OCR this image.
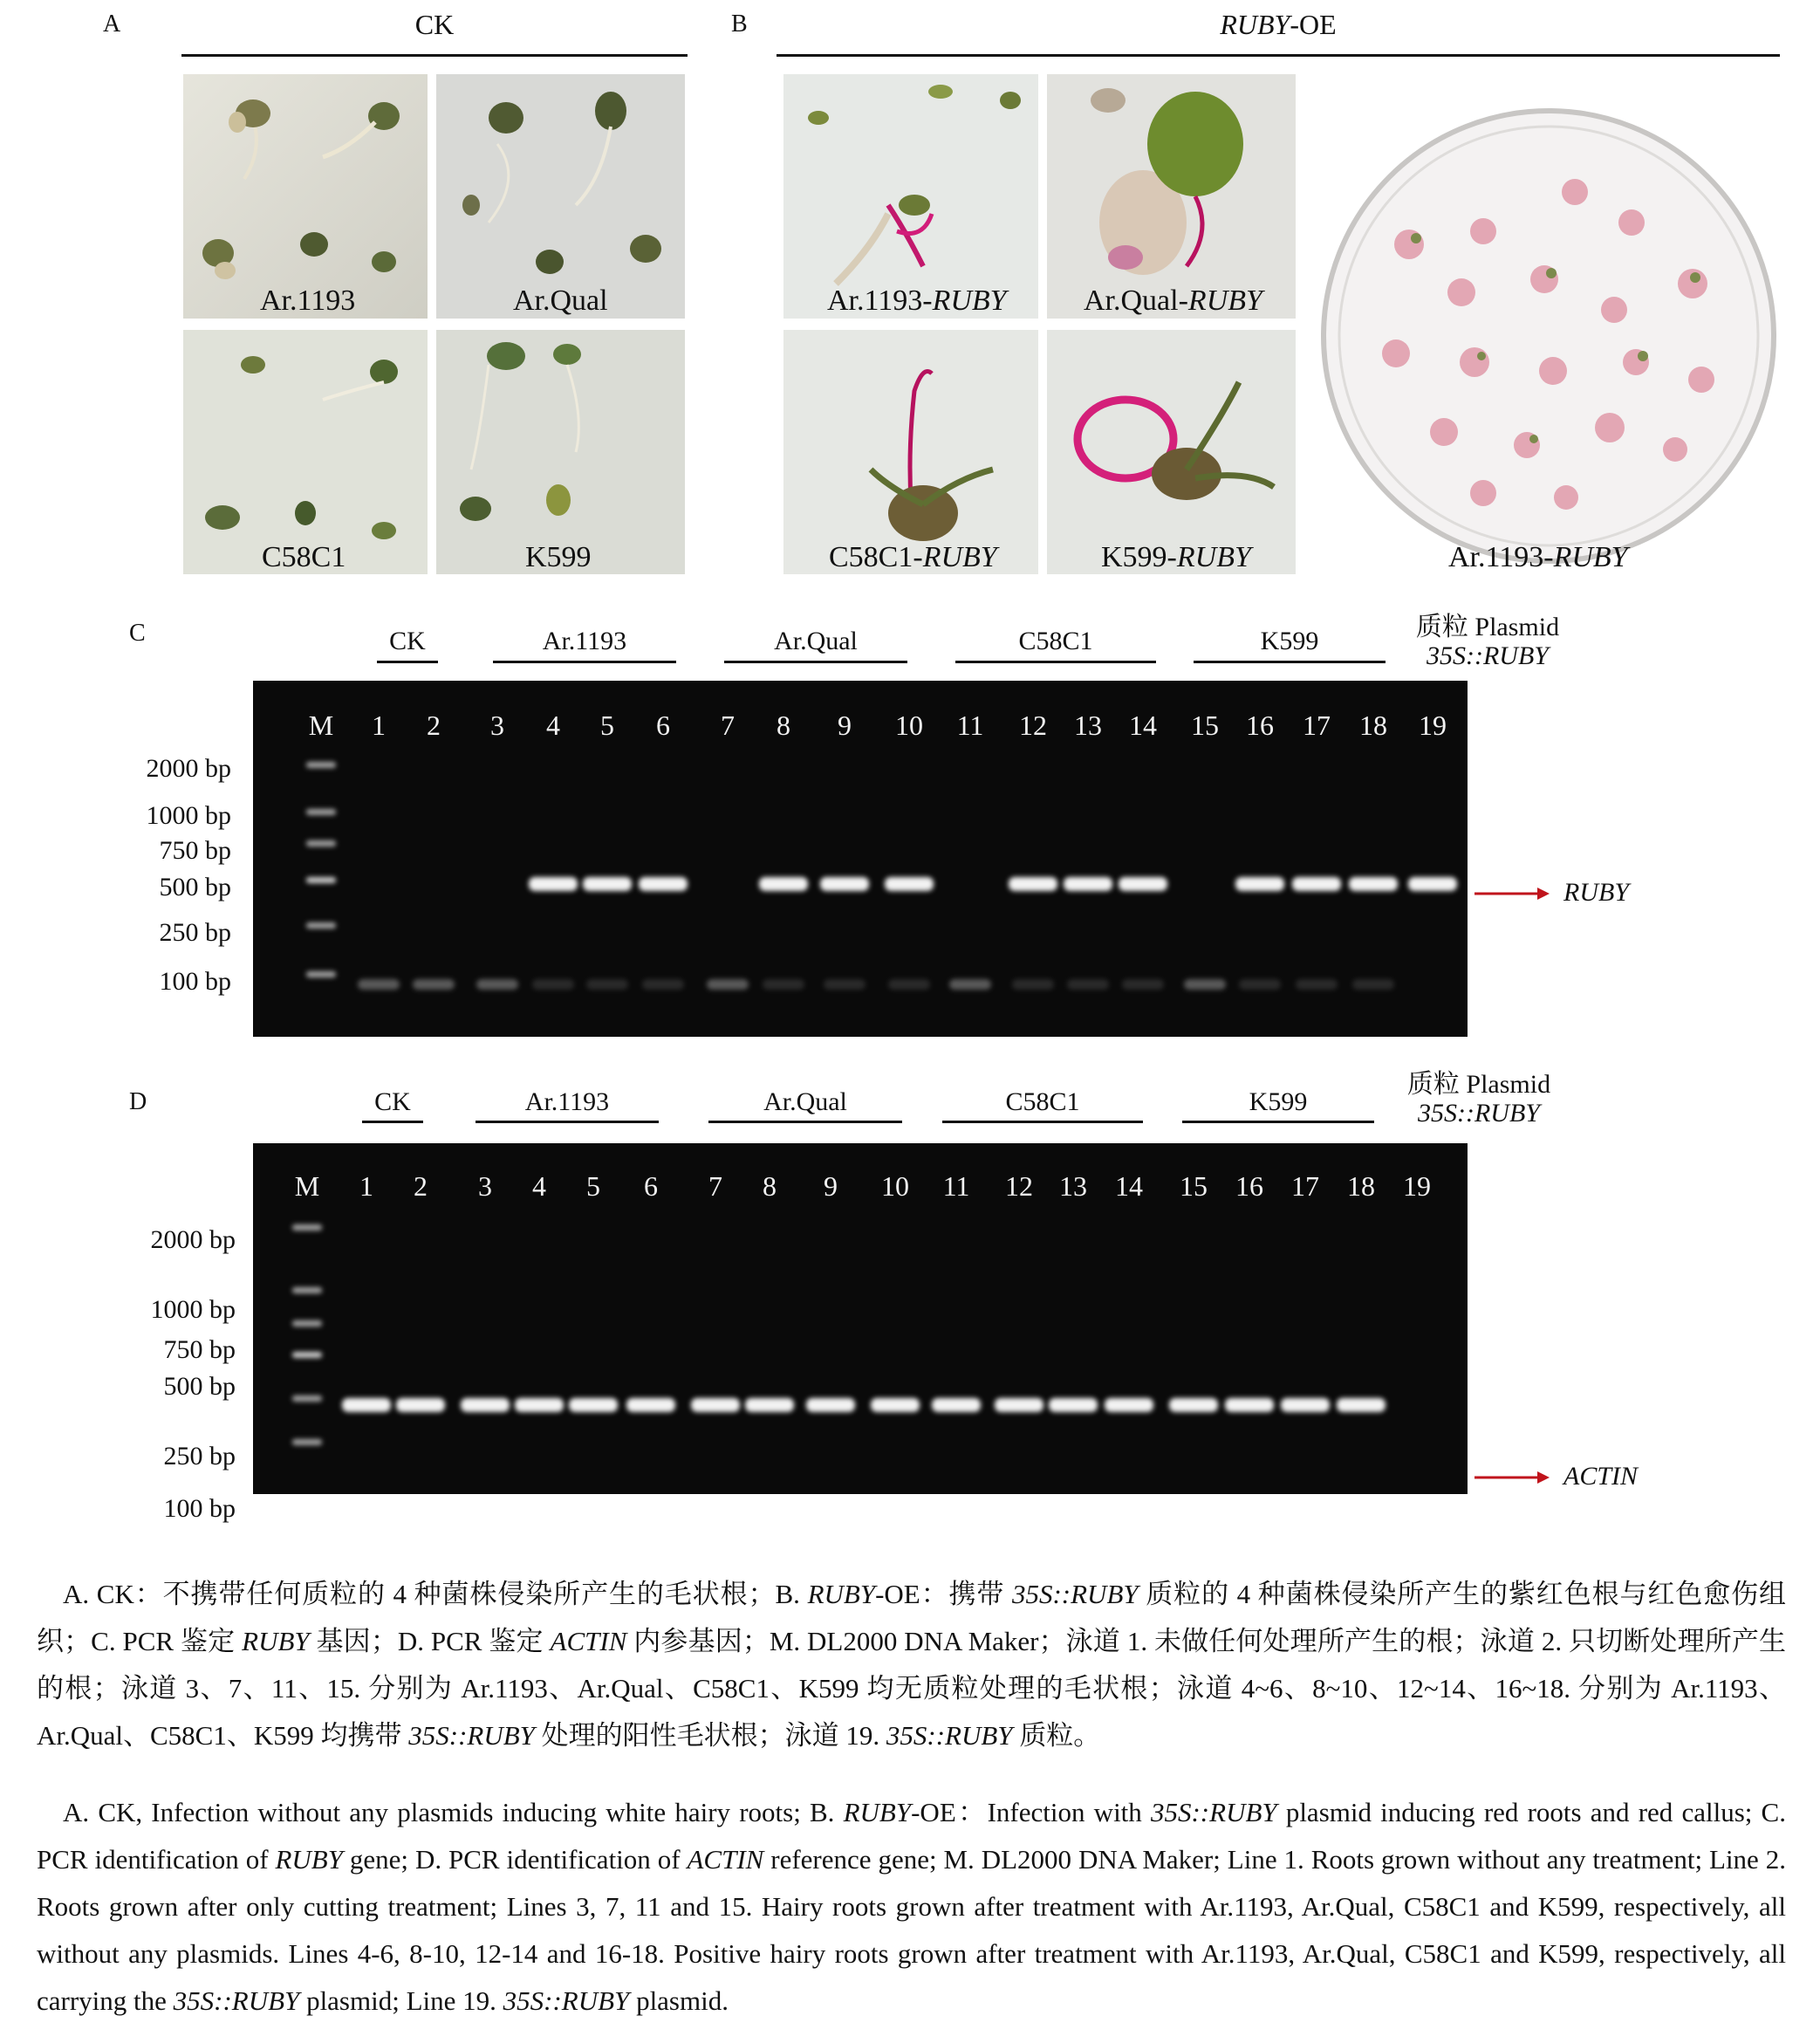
A	B
C
D
CK	RUBY-OE
Ar.1193	Ar.Qual
C58C1	K599
Ar.1193-RUBY	Ar.Qual-RUBY
C58C1-RUBY	K599-RUBY	Ar.1193-RUBY
CK	Ar.1193	Ar.Qual	C58C1	K599	质粒 Plasmid
35S::RUBY
M 1 2 3 4 5 6 7 8 9 10 11 12 13 14 15 16 17 18 19
2000 bp
1000 bp
750 bp
500 bp
250 bp
100 bp
RUBY
CK	Ar.1193	Ar.Qual	C58C1	K599
质粒 Plasmid
35S::RUBY
M 1 2 3 4 5 6 7 8 9 10 11 12 13 14 15 16 17 18 19
2000 bp
1000 bp
750 bp
500 bp
250 bp
100 bp
ACTIN
A. CK：不携带任何质粒的 4 种菌株侵染所产生的毛状根；B. RUBY-OE：携带 35S::RUBY 质粒的 4 种菌株侵染所产生的紫红色根与红色愈伤组织；C. PCR 鉴定 RUBY 基因；D. PCR 鉴定 ACTIN 内参基因；M. DL2000 DNA Maker；泳道 1. 未做任何处理所产生的根；泳道 2. 只切断处理所产生的根；泳道 3、7、11、15. 分别为 Ar.1193、Ar.Qual、C58C1、K599 均无质粒处理的毛状根；泳道 4~6、8~10、12~14、16~18. 分别为 Ar.1193、Ar.Qual、C58C1、K599 均携带 35S::RUBY 处理的阳性毛状根；泳道 19. 35S::RUBY 质粒。
A. CK, Infection without any plasmids inducing white hairy roots; B. RUBY-OE：Infection with 35S::RUBY plasmid inducing red roots and red callus; C. PCR identification of RUBY gene; D. PCR identification of ACTIN reference gene; M. DL2000 DNA Maker; Line 1. Roots grown without any treatment; Line 2. Roots grown after only cutting treatment; Lines 3, 7, 11 and 15. Hairy roots grown after treatment with Ar.1193, Ar.Qual, C58C1 and K599, respectively, all without any plasmids. Lines 4-6, 8-10, 12-14 and 16-18. Positive hairy roots grown after treatment with Ar.1193, Ar.Qual, C58C1 and K599, respectively, all carrying the 35S::RUBY plasmid; Line 19. 35S::RUBY plasmid.
